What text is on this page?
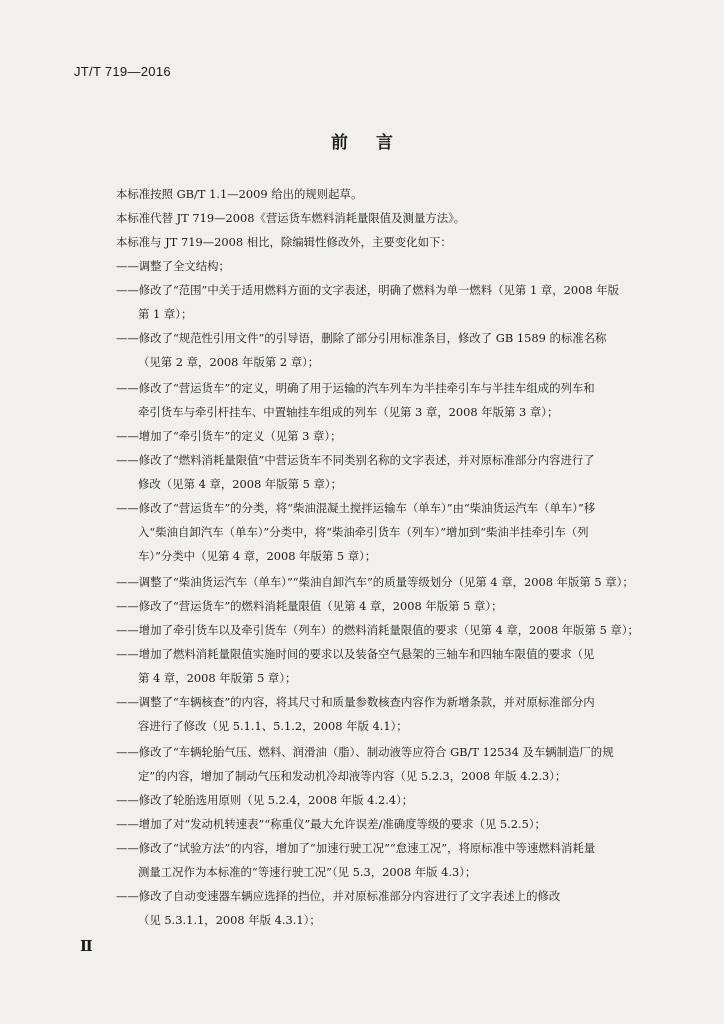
JT/T 719—2016
前言
本标准按照 GB/T 1.1—2009 给出的规则起草。
本标准代替 JT 719—2008《营运货车燃料消耗量限值及测量方法》。
本标准与 JT 719—2008 相比，除编辑性修改外，主要变化如下：
——调整了全文结构；
——修改了“范围”中关于适用燃料方面的文字表述，明确了燃料为单一燃料（见第 1 章，2008 年版
第 1 章）；
——修改了“规范性引用文件”的引导语，删除了部分引用标准条目，修改了 GB 1589 的标准名称
（见第 2 章，2008 年版第 2 章）；
——修改了“营运货车”的定义，明确了用于运输的汽车列车为半挂牵引车与半挂车组成的列车和
牵引货车与牵引杆挂车、中置轴挂车组成的列车（见第 3 章，2008 年版第 3 章）；
——增加了“牵引货车”的定义（见第 3 章）；
——修改了“燃料消耗量限值”中营运货车不同类别名称的文字表述，并对原标准部分内容进行了
修改（见第 4 章，2008 年版第 5 章）；
——修改了“营运货车”的分类，将“柴油混凝土搅拌运输车（单车）”由“柴油货运汽车（单车）”移
入“柴油自卸汽车（单车）”分类中，将“柴油牵引货车（列车）”增加到“柴油半挂牵引车（列
车）”分类中（见第 4 章，2008 年版第 5 章）；
——调整了“柴油货运汽车（单车）”“柴油自卸汽车”的质量等级划分（见第 4 章，2008 年版第 5 章）；
——修改了“营运货车”的燃料消耗量限值（见第 4 章，2008 年版第 5 章）；
——增加了牵引货车以及牵引货车（列车）的燃料消耗量限值的要求（见第 4 章，2008 年版第 5 章）；
——增加了燃料消耗量限值实施时间的要求以及装备空气悬架的三轴车和四轴车限值的要求（见
第 4 章，2008 年版第 5 章）；
——调整了“车辆核查”的内容，将其尺寸和质量参数核查内容作为新增条款，并对原标准部分内
容进行了修改（见 5.1.1、5.1.2，2008 年版 4.1）；
——修改了“车辆轮胎气压、燃料、润滑油（脂）、制动液等应符合 GB/T 12534 及车辆制造厂的规
定”的内容，增加了制动气压和发动机冷却液等内容（见 5.2.3，2008 年版 4.2.3）；
——修改了轮胎选用原则（见 5.2.4，2008 年版 4.2.4）；
——增加了对“发动机转速表”“称重仪”最大允许误差/准确度等级的要求（见 5.2.5）；
——修改了“试验方法”的内容，增加了“加速行驶工况”“怠速工况”，将原标准中等速燃料消耗量
测量工况作为本标准的“等速行驶工况”（见 5.3，2008 年版 4.3）；
——修改了自动变速器车辆应选择的挡位，并对原标准部分内容进行了文字表述上的修改
（见 5.3.1.1，2008 年版 4.3.1）；
Ⅱ
